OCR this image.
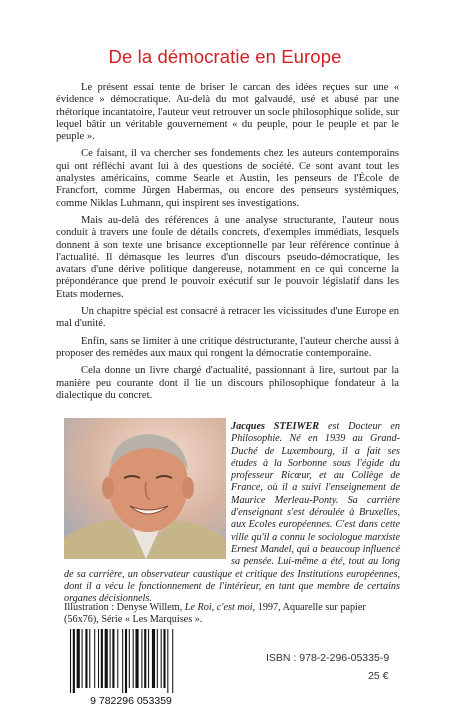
De la démocratie en Europe

Le présent essai tente de briser le carcan des idées reçues sur une « évidence » démocratique. Au-delà du mot galvaudé, usé et abusé par une rhétorique incantatoire, l'auteur veut retrouver un socle philosophique solide, sur lequel bâtir un véritable gouvernement « du peuple, pour le peuple et par le peuple ».

Ce faisant, il va chercher ses fondements chez les auteurs contemporains qui ont réfléchi avant lui à des questions de société. Ce sont avant tout les analystes américains, comme Searle et Austin, les penseurs de l'École de Francfort, comme Jürgen Habermas, ou encore des penseurs systémiques, comme Niklas Luhmann, qui inspirent ses investigations.

Mais au-delà des références à une analyse structurante, l'auteur nous conduit à travers une foule de détails concrets, d'exemples immédiats, lesquels donnent à son texte une brisance exceptionnelle par leur référence continue à l'actualité. Il démasque les leurres d'un discours pseudo-démocratique, les avatars d'une dérive politique dangereuse, notamment en ce qui concerne la prépondérance que prend le pouvoir exécutif sur le pouvoir législatif dans les Etats modernes.

Un chapitre spécial est consacré à retracer les vicissitudes d'une Europe en mal d'unité.

Enfin, sans se limiter à une critique déstructurante, l'auteur cherche aussi à proposer des remèdes aux maux qui rongent la démocratie contemporaine.

Cela donne un livre chargé d'actualité, passionnant à lire, surtout par la manière peu courante dont il lie un discours philosophique fondateur à la dialectique du concret.

Jacques STEIWER est Docteur en Philosophie. Né en 1939 au Grand-Duché de Luxembourg, il a fait ses études à la Sorbonne sous l'égide du professeur Ricœur, et au Collège de France, où il a suivi l'enseignement de Maurice Merleau-Ponty. Sa carrière d'enseignant s'est déroulée à Bruxelles, aux Ecoles européennes. C'est dans cette ville qu'il a connu le sociologue marxiste Ernest Mandel, qui a beaucoup influencé sa pensée. Lui-même a été, tout au long de sa carrière, un observateur caustique et critique des Institutions européennes, dont il a vécu le fonctionnement de l'intérieur, en tant que membre de certains organes décisionnels.
Illustration : Denyse Willem, Le Roi, c'est moi, 1997, Aquarelle sur papier (56x76), Série « Les Marquises ».
9 782296 053359
ISBN : 978-2-296-05335-9
25 €
